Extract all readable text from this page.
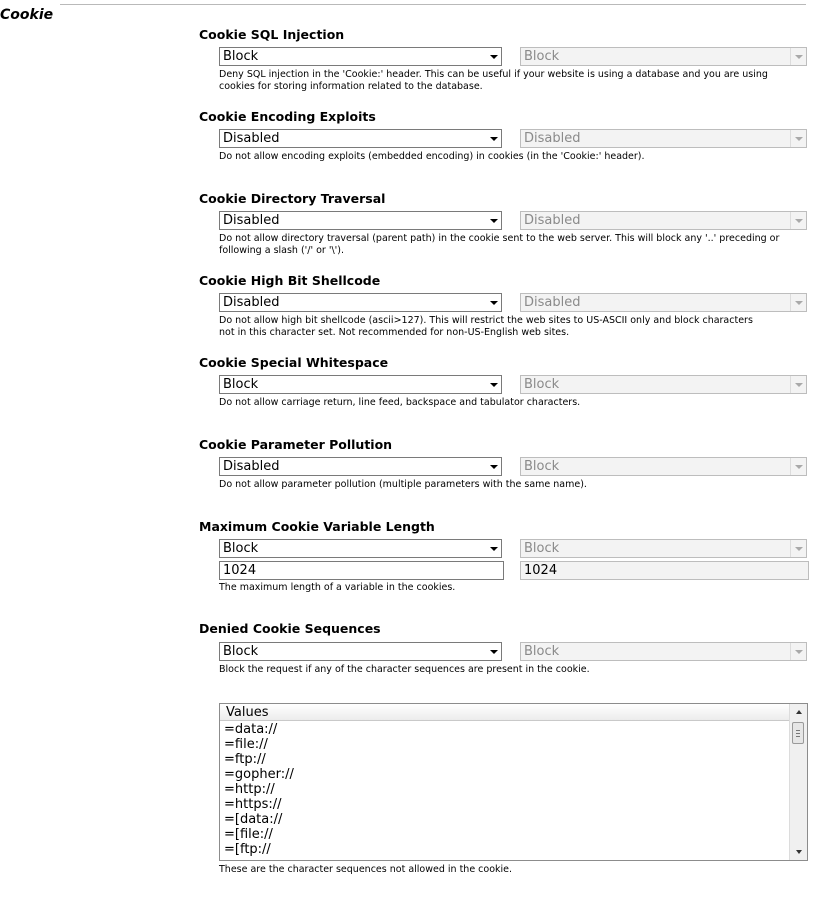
Cookie
Cookie SQL Injection
Block	Block
Deny SQL injection in the 'Cookie:' header. This can be useful if your website is using a database and you are using
cookies for storing information related to the database.
Cookie Encoding Exploits
Disabled	Disabled
Do not allow encoding exploits (embedded encoding) in cookies (in the 'Cookie:' header).
Cookie Directory Traversal
Disabled	Disabled
Do not allow directory traversal (parent path) in the cookie sent to the web server. This will block any '..' preceding or
following a slash ('/' or '\').
Cookie High Bit Shellcode
Disabled	Disabled
Do not allow high bit shellcode (ascii>127). This will restrict the web sites to US-ASCII only and block characters
not in this character set. Not recommended for non-US-English web sites.
Cookie Special Whitespace
Block	Block
Do not allow carriage return, line feed, backspace and tabulator characters.
Cookie Parameter Pollution
Disabled	Block
Do not allow parameter pollution (multiple parameters with the same name).
Maximum Cookie Variable Length
Block	Block
1024	1024
The maximum length of a variable in the cookies.
Denied Cookie Sequences
Block	Block
Block the request if any of the character sequences are present in the cookie.
Values
=data://
=file://
=ftp://
=gopher://
=http://
=https://
=[data://
=[file://
=[ftp://
These are the character sequences not allowed in the cookie.
